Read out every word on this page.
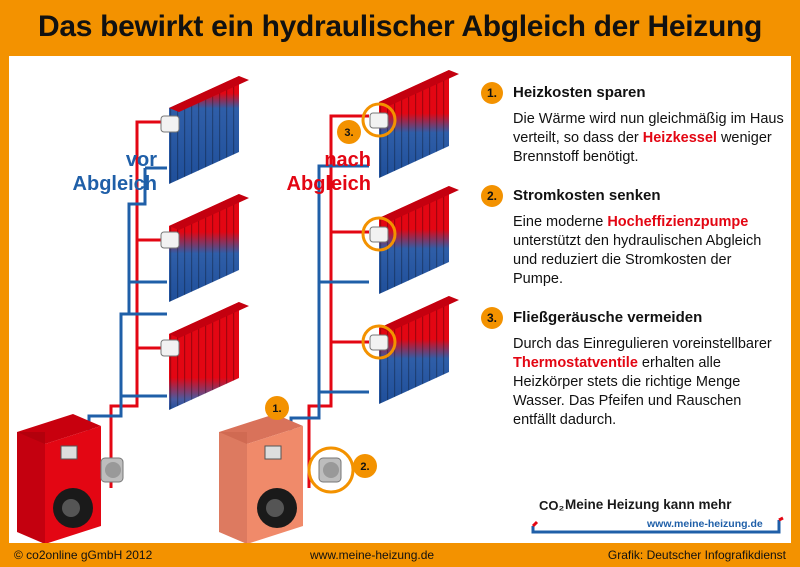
Das bewirkt ein hydraulischer Abgleich der Heizung
1.
2.
3.
vor
Abgleich
nach
Abgleich
1.	Heizkosten sparen
Die Wärme wird nun gleichmäßig im Haus verteilt, so dass der Heizkessel weniger Brennstoff benötigt.
2.	Stromkosten senken
Eine moderne Hocheffizienzpumpe unterstützt den hydraulischen Abgleich und reduziert die Stromkosten der Pumpe.
3.	Fließgeräusche vermeiden
Durch das Einregulieren voreinstellbarer Thermostatventile erhalten alle Heizkörper stets die richtige Menge Wasser. Das Pfeifen und Rauschen entfällt dadurch.
CO₂ Meine Heizung kann mehr
www.meine-heizung.de
© co2online gGmbH 2012	www.meine-heizung.de	Grafik: Deutscher Infografikdienst
